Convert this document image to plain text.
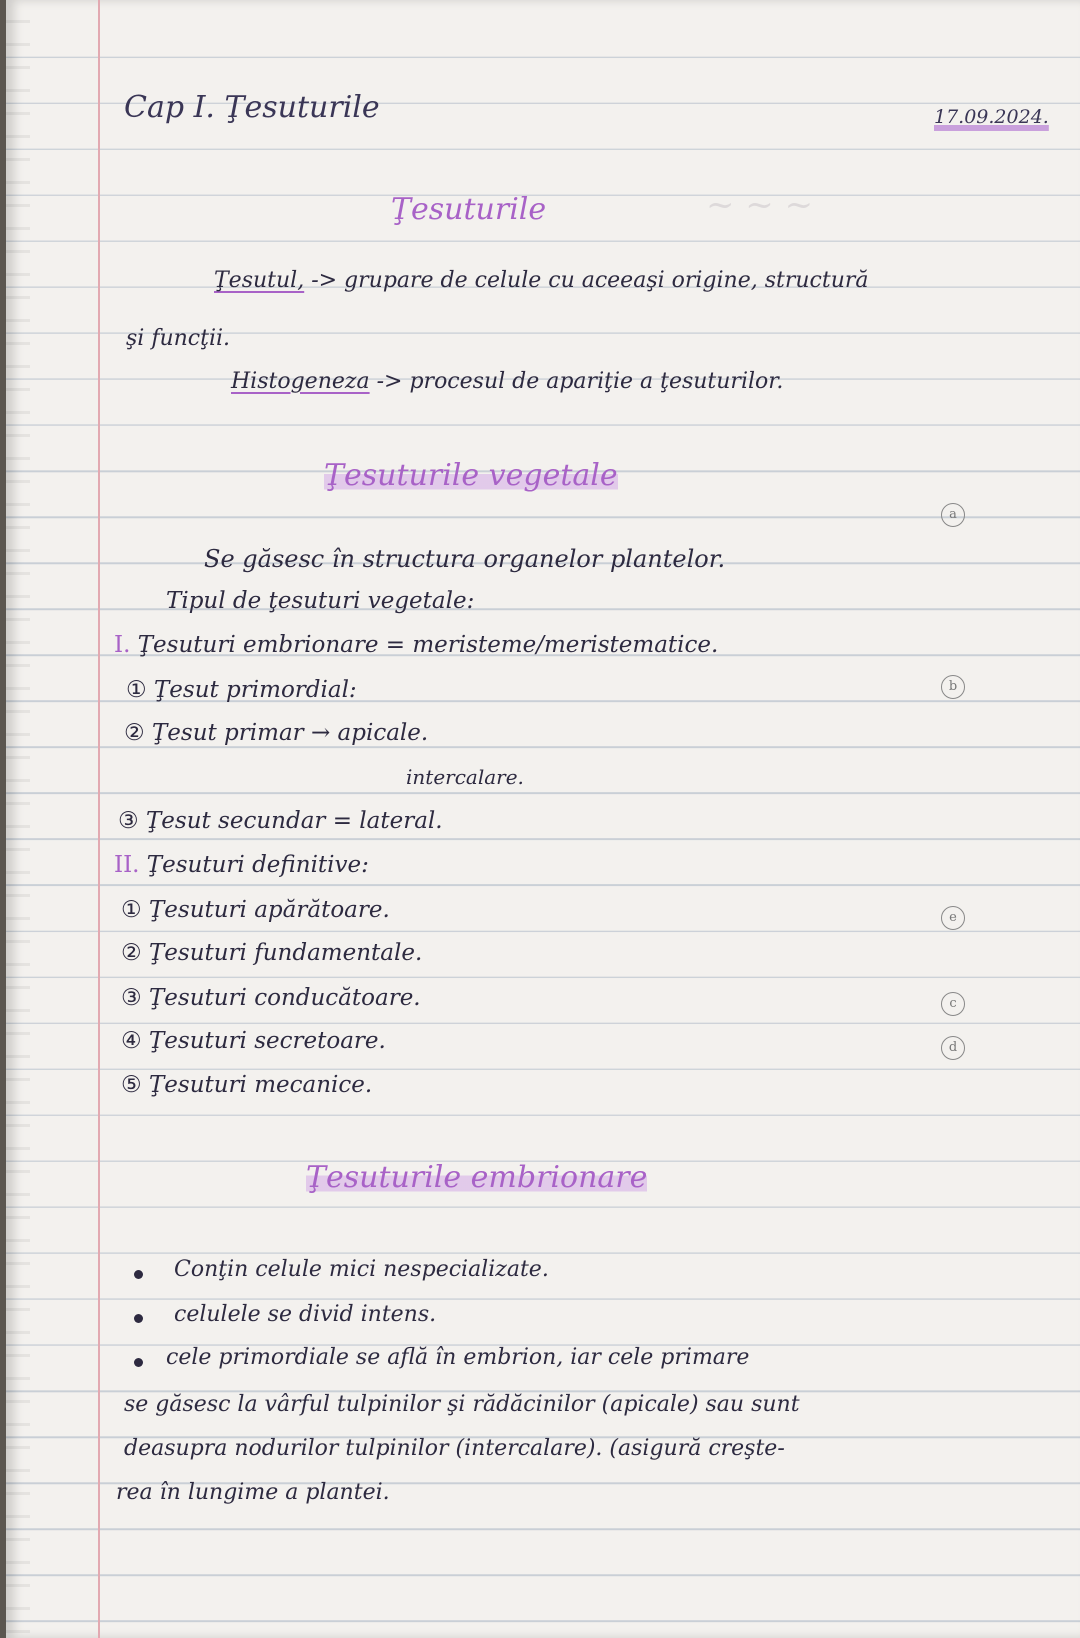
~ ~ ~
a
b
e
c
d
Cap I. Ţesuturile	17.09.2024.
Ţesuturile
Ţesutul, -> grupare de celule cu aceeaşi origine, structură
şi funcţii.
Histogeneza -> procesul de apariţie a ţesuturilor.
Ţesuturile vegetale
Se găsesc în structura organelor plantelor.
Tipul de ţesuturi vegetale:
I. Ţesuturi embrionare = meristeme/meristematice.
① Ţesut primordial:
② Ţesut primar → apicale.
intercalare.
③ Ţesut secundar = lateral.
II. Ţesuturi definitive:
① Ţesuturi apărătoare.
② Ţesuturi fundamentale.
③ Ţesuturi conducătoare.
④ Ţesuturi secretoare.
⑤ Ţesuturi mecanice.
Ţesuturile embrionare
Conţin celule mici nespecializate.
celulele se divid intens.
cele primordiale se află în embrion, iar cele primare
se găsesc la vârful tulpinilor şi rădăcinilor (apicale) sau sunt
deasupra nodurilor tulpinilor (intercalare). (asigură creşte-
rea în lungime a plantei.
